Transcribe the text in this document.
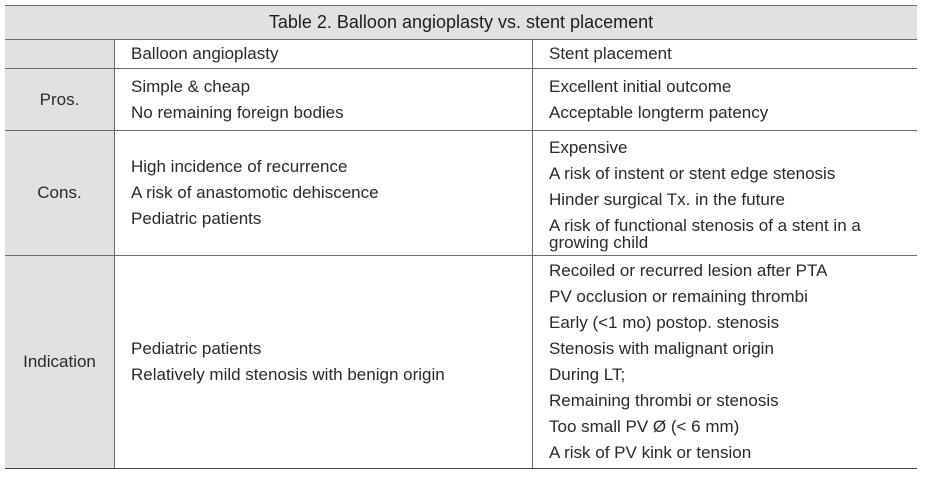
Table 2. Balloon angioplasty vs. stent placement
Balloon angioplasty	Stent placement
Pros.
Simple & cheap
No remaining foreign bodies
Excellent initial outcome
Acceptable longterm patency
Cons.
High incidence of recurrence
A risk of anastomotic dehiscence
Pediatric patients
Expensive
A risk of instent or stent edge stenosis
Hinder surgical Tx. in the future
A risk of functional stenosis of a stent in a growing child
Indication
Pediatric patients
Relatively mild stenosis with benign origin
Recoiled or recurred lesion after PTA
PV occlusion or remaining thrombi
Early (<1 mo) postop. stenosis
Stenosis with malignant origin
During LT;
Remaining thrombi or stenosis
Too small PV Ø (< 6 mm)
A risk of PV kink or tension
